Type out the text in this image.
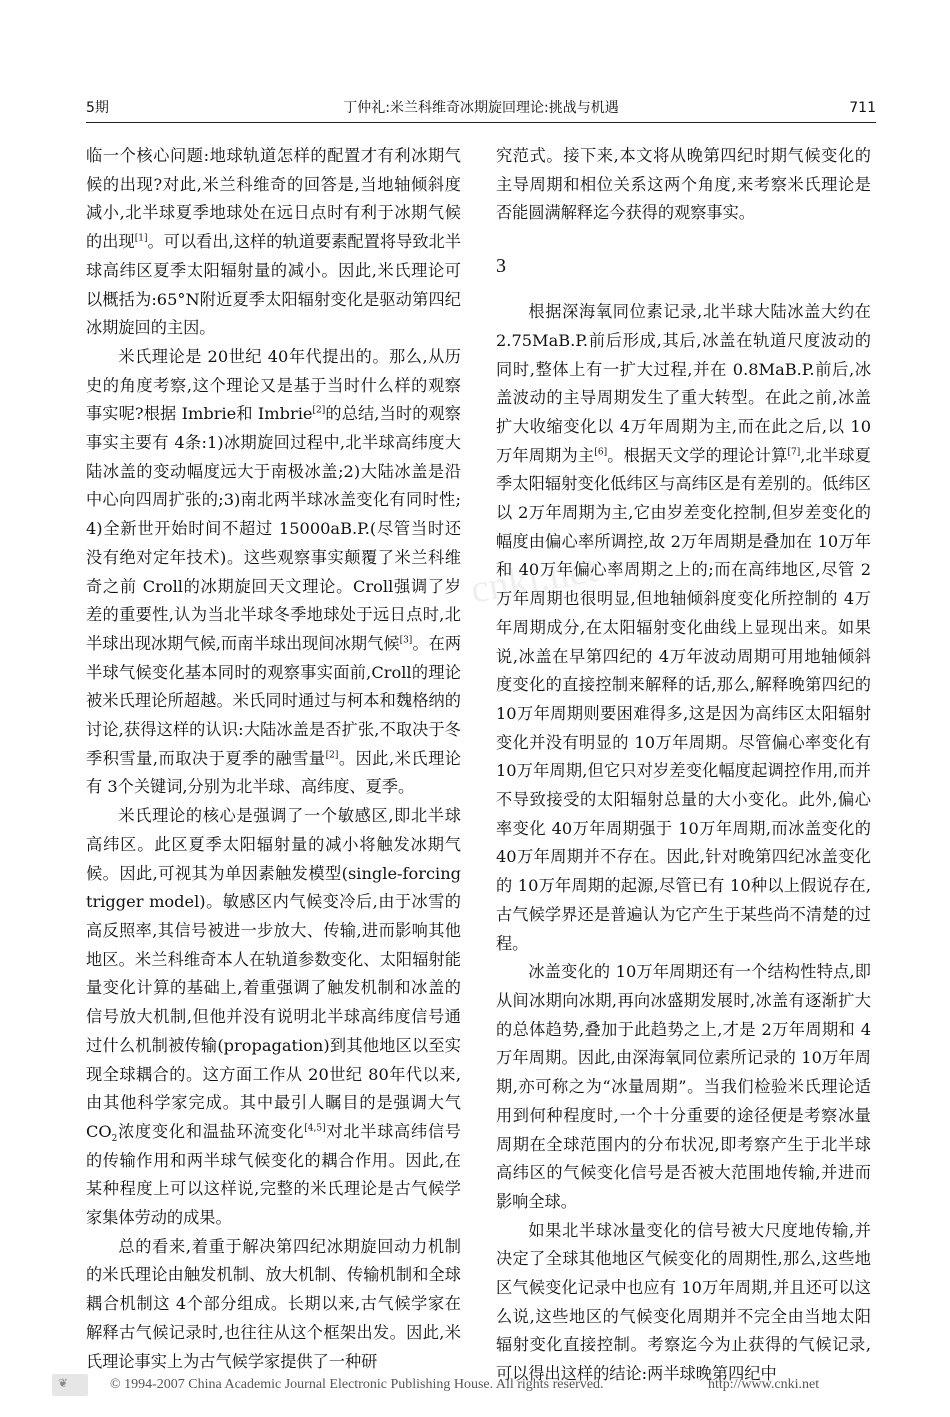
5期	丁仲礼:米兰科维奇冰期旋回理论:挑战与机遇	711
cnki.net

临一个核心问题:地球轨道怎样的配置才有利冰期气候的出现?对此,米兰科维奇的回答是,当地轴倾斜度减小,北半球夏季地球处在远日点时有利于冰期气候的出现[1]。可以看出,这样的轨道要素配置将导致北半球高纬区夏季太阳辐射量的减小。因此,米氏理论可以概括为:65°N附近夏季太阳辐射变化是驱动第四纪冰期旋回的主因。

米氏理论是 20世纪 40年代提出的。那么,从历史的角度考察,这个理论又是基于当时什么样的观察事实呢?根据 Imbrie和 Imbrie[2]的总结,当时的观察事实主要有 4条:1)冰期旋回过程中,北半球高纬度大陆冰盖的变动幅度远大于南极冰盖;2)大陆冰盖是沿中心向四周扩张的;3)南北两半球冰盖变化有同时性; 4)全新世开始时间不超过 15000aB.P.(尽管当时还没有绝对定年技术)。这些观察事实颠覆了米兰科维奇之前 Croll的冰期旋回天文理论。Croll强调了岁差的重要性,认为当北半球冬季地球处于远日点时,北半球出现冰期气候,而南半球出现间冰期气候[3]。在两半球气候变化基本同时的观察事实面前,Croll的理论被米氏理论所超越。米氏同时通过与柯本和魏格纳的讨论,获得这样的认识:大陆冰盖是否扩张,不取决于冬季积雪量,而取决于夏季的融雪量[2]。因此,米氏理论有 3个关键词,分别为北半球、高纬度、夏季。

米氏理论的核心是强调了一个敏感区,即北半球高纬区。此区夏季太阳辐射量的减小将触发冰期气候。因此,可视其为单因素触发模型(single-forcing trigger model)。敏感区内气候变冷后,由于冰雪的高反照率,其信号被进一步放大、传输,进而影响其他地区。米兰科维奇本人在轨道参数变化、太阳辐射能量变化计算的基础上,着重强调了触发机制和冰盖的信号放大机制,但他并没有说明北半球高纬度信号通过什么机制被传输(propagation)到其他地区以至实现全球耦合的。这方面工作从 20世纪 80年代以来,由其他科学家完成。其中最引人瞩目的是强调大气 $CO_2$浓度变化和温盐环流变化[4,5]对北半球高纬信号的传输作用和两半球气候变化的耦合作用。因此,在某种程度上可以这样说,完整的米氏理论是古气候学家集体劳动的成果。

总的看来,着重于解决第四纪冰期旋回动力机制的米氏理论由触发机制、放大机制、传输机制和全球耦合机制这 4个部分组成。长期以来,古气候学家在解释古气候记录时,也往往从这个框架出发。因此,米氏理论事实上为古气候学家提供了一种研

究范式。接下来,本文将从晚第四纪时期气候变化的主导周期和相位关系这两个角度,来考察米氏理论是否能圆满解释迄今获得的观察事实。

3

根据深海氧同位素记录,北半球大陆冰盖大约在 2.75MaB.P.前后形成,其后,冰盖在轨道尺度波动的同时,整体上有一扩大过程,并在 0.8MaB.P.前后,冰盖波动的主导周期发生了重大转型。在此之前,冰盖扩大收缩变化以 4万年周期为主,而在此之后,以 10万年周期为主[6]。根据天文学的理论计算[7],北半球夏季太阳辐射变化低纬区与高纬区是有差别的。低纬区以 2万年周期为主,它由岁差变化控制,但岁差变化的幅度由偏心率所调控,故 2万年周期是叠加在 10万年和 40万年偏心率周期之上的;而在高纬地区,尽管 2万年周期也很明显,但地轴倾斜度变化所控制的 4万年周期成分,在太阳辐射变化曲线上显现出来。如果说,冰盖在早第四纪的 4万年波动周期可用地轴倾斜度变化的直接控制来解释的话,那么,解释晚第四纪的 10万年周期则要困难得多,这是因为高纬区太阳辐射变化并没有明显的 10万年周期。尽管偏心率变化有 10万年周期,但它只对岁差变化幅度起调控作用,而并不导致接受的太阳辐射总量的大小变化。此外,偏心率变化 40万年周期强于 10万年周期,而冰盖变化的 40万年周期并不存在。因此,针对晚第四纪冰盖变化的 10万年周期的起源,尽管已有 10种以上假说存在,古气候学界还是普遍认为它产生于某些尚不清楚的过程。

冰盖变化的 10万年周期还有一个结构性特点,即从间冰期向冰期,再向冰盛期发展时,冰盖有逐渐扩大的总体趋势,叠加于此趋势之上,才是 2万年周期和 4万年周期。因此,由深海氧同位素所记录的 10万年周期,亦可称之为“冰量周期”。当我们检验米氏理论适用到何种程度时,一个十分重要的途径便是考察冰量周期在全球范围内的分布状况,即考察产生于北半球高纬区的气候变化信号是否被大范围地传输,并进而影响全球。

如果北半球冰量变化的信号被大尺度地传输,并决定了全球其他地区气候变化的周期性,那么,这些地区气候变化记录中也应有 10万年周期,并且还可以这么说,这些地区的气候变化周期并不完全由当地太阳辐射变化直接控制。考察迄今为止获得的气候记录,可以得出这样的结论:两半球晚第四纪中

❦	© 1994-2007 China Academic Journal Electronic Publishing House. All rights reserved.	http://www.cnki.net
